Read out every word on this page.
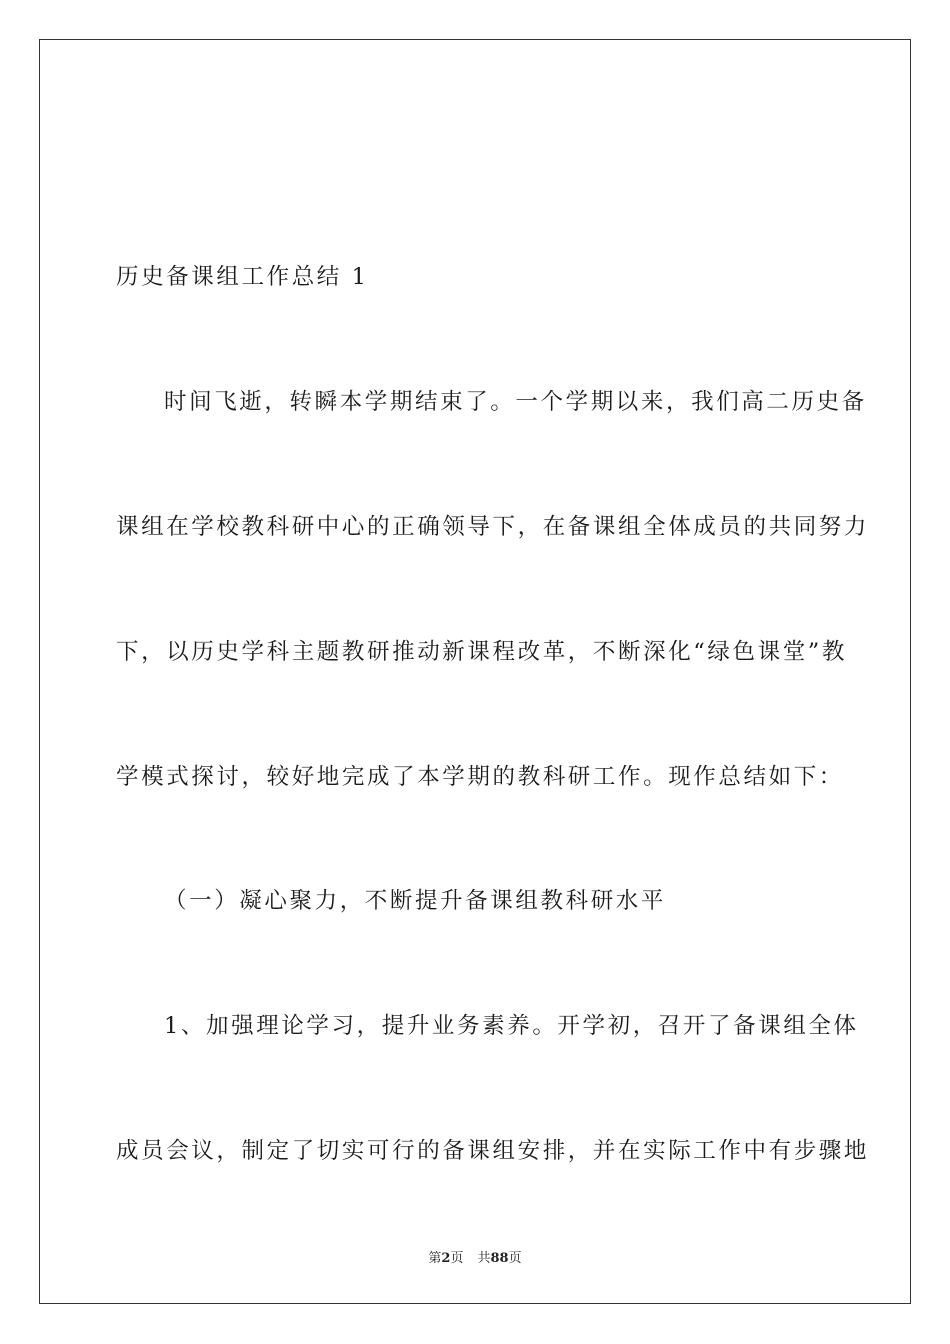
历史备课组工作总结 1
时间飞逝，转瞬本学期结束了。一个学期以来，我们高二历史备
课组在学校教科研中心的正确领导下，在备课组全体成员的共同努力
下，以历史学科主题教研推动新课程改革，不断深化“绿色课堂”教
学模式探讨，较好地完成了本学期的教科研工作。现作总结如下：
（一）凝心聚力，不断提升备课组教科研水平
1、加强理论学习，提升业务素养。开学初，召开了备课组全体
成员会议，制定了切实可行的备课组安排，并在实际工作中有步骤地
第2页 共88页
